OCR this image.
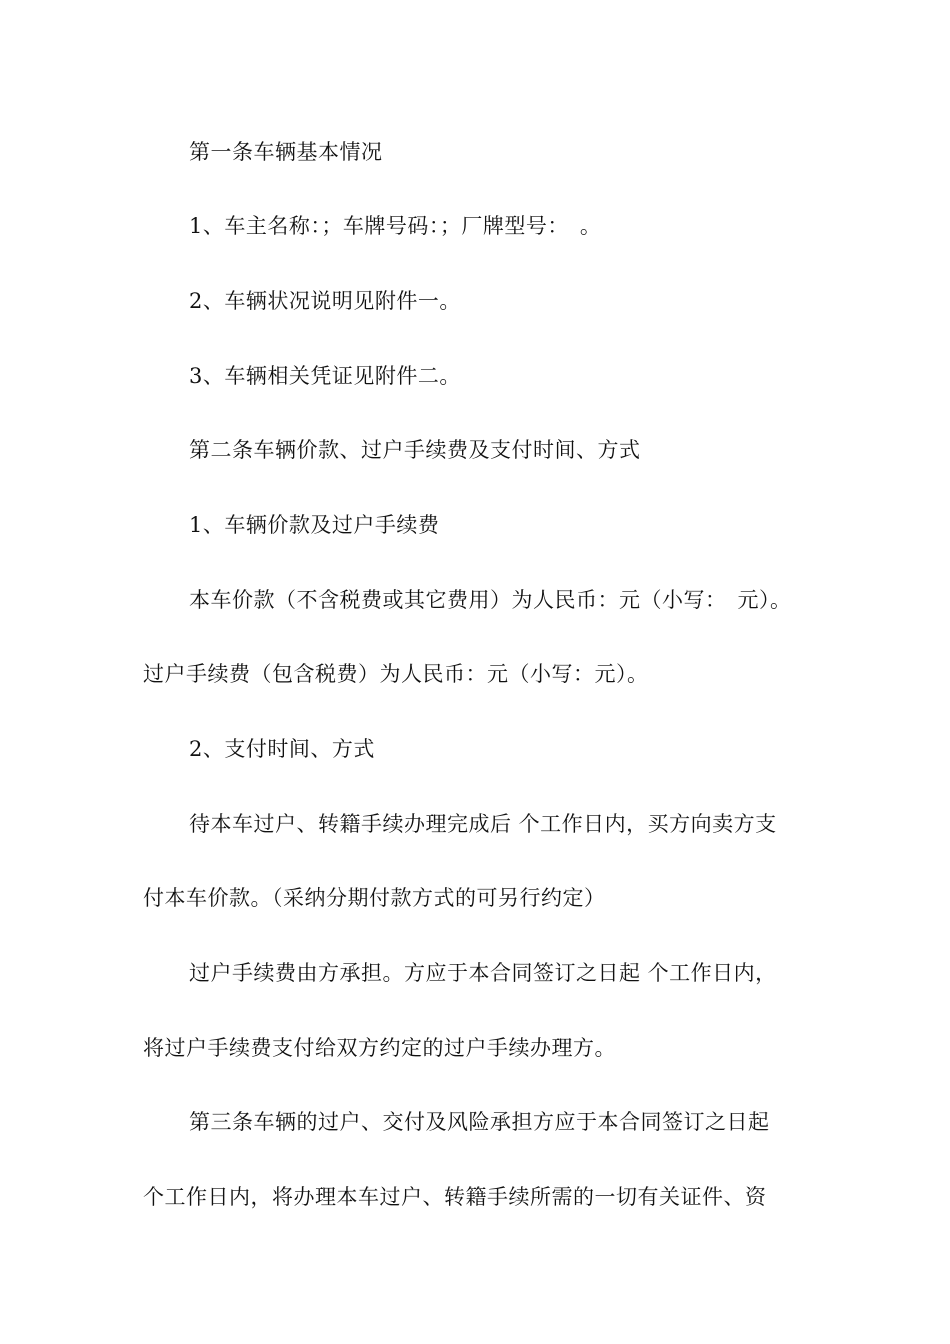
第一条车辆基本情况
1、车主名称：；车牌号码：；厂牌型号：　。
2、车辆状况说明见附件一。
3、车辆相关凭证见附件二。
第二条车辆价款、过户手续费及支付时间、方式
1、车辆价款及过户手续费
本车价款（不含税费或其它费用）为人民币：元（小写：　元）。
过户手续费（包含税费）为人民币：元（小写：元）。
2、支付时间、方式
待本车过户、转籍手续办理完成后 个工作日内，买方向卖方支
付本车价款。（采纳分期付款方式的可另行约定）
过户手续费由方承担。方应于本合同签订之日起 个工作日内，
将过户手续费支付给双方约定的过户手续办理方。
第三条车辆的过户、交付及风险承担方应于本合同签订之日起
个工作日内，将办理本车过户、转籍手续所需的一切有关证件、资
